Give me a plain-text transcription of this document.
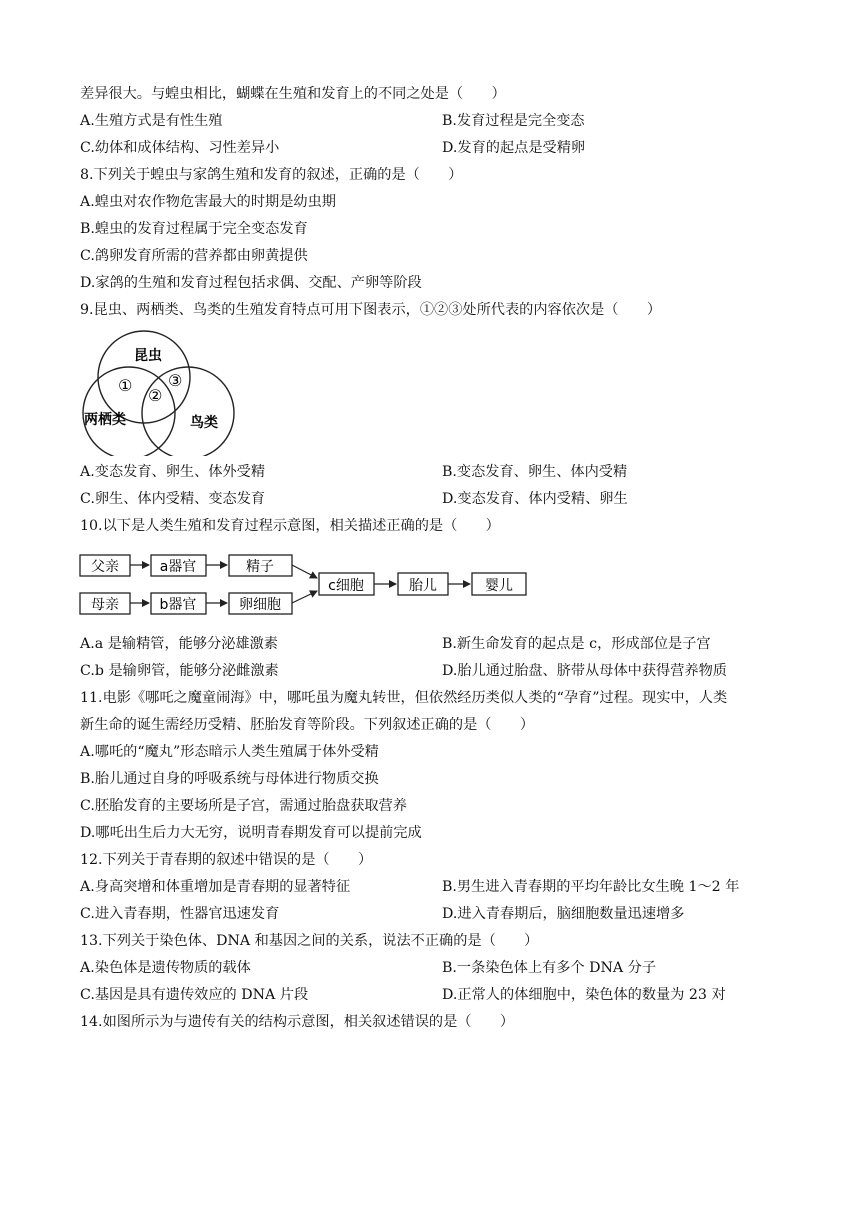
差异很大。与蝗虫相比，蝴蝶在生殖和发育上的不同之处是（　　）
A.生殖方式是有性生殖	B.发育过程是完全变态
C.幼体和成体结构、习性差异小	D.发育的起点是受精卵
8.下列关于蝗虫与家鸽生殖和发育的叙述，正确的是（　　）
A.蝗虫对农作物危害最大的时期是幼虫期
B.蝗虫的发育过程属于完全变态发育
C.鸽卵发育所需的营养都由卵黄提供
D.家鸽的生殖和发育过程包括求偶、交配、产卵等阶段
9.昆虫、两栖类、鸟类的生殖发育特点可用下图表示，①②③处所代表的内容依次是（　　）
昆虫
两栖类	鸟类
①
②
③
A.变态发育、卵生、体外受精	B.变态发育、卵生、体内受精
C.卵生、体内受精、变态发育	D.变态发育、体内受精、卵生
10.以下是人类生殖和发育过程示意图，相关描述正确的是（　　）
父亲	a器官	精子
母亲	b器官	卵细胞
c细胞	胎儿	婴儿
A.a 是输精管，能够分泌雄激素	B.新生命发育的起点是 c，形成部位是子宫
C.b 是输卵管，能够分泌雌激素	D.胎儿通过胎盘、脐带从母体中获得营养物质
11.电影《哪吒之魔童闹海》中，哪吒虽为魔丸转世，但依然经历类似人类的“孕育”过程。现实中，人类
新生命的诞生需经历受精、胚胎发育等阶段。下列叙述正确的是（　　）
A.哪吒的“魔丸”形态暗示人类生殖属于体外受精
B.胎儿通过自身的呼吸系统与母体进行物质交换
C.胚胎发育的主要场所是子宫，需通过胎盘获取营养
D.哪吒出生后力大无穷，说明青春期发育可以提前完成
12.下列关于青春期的叙述中错误的是（　　）
A.身高突增和体重增加是青春期的显著特征	B.男生进入青春期的平均年龄比女生晚 1～2 年
C.进入青春期，性器官迅速发育	D.进入青春期后，脑细胞数量迅速增多
13.下列关于染色体、DNA 和基因之间的关系，说法不正确的是（　　）
A.染色体是遗传物质的载体	B.一条染色体上有多个 DNA 分子
C.基因是具有遗传效应的 DNA 片段	D.正常人的体细胞中，染色体的数量为 23 对
14.如图所示为与遗传有关的结构示意图，相关叙述错误的是（　　）
